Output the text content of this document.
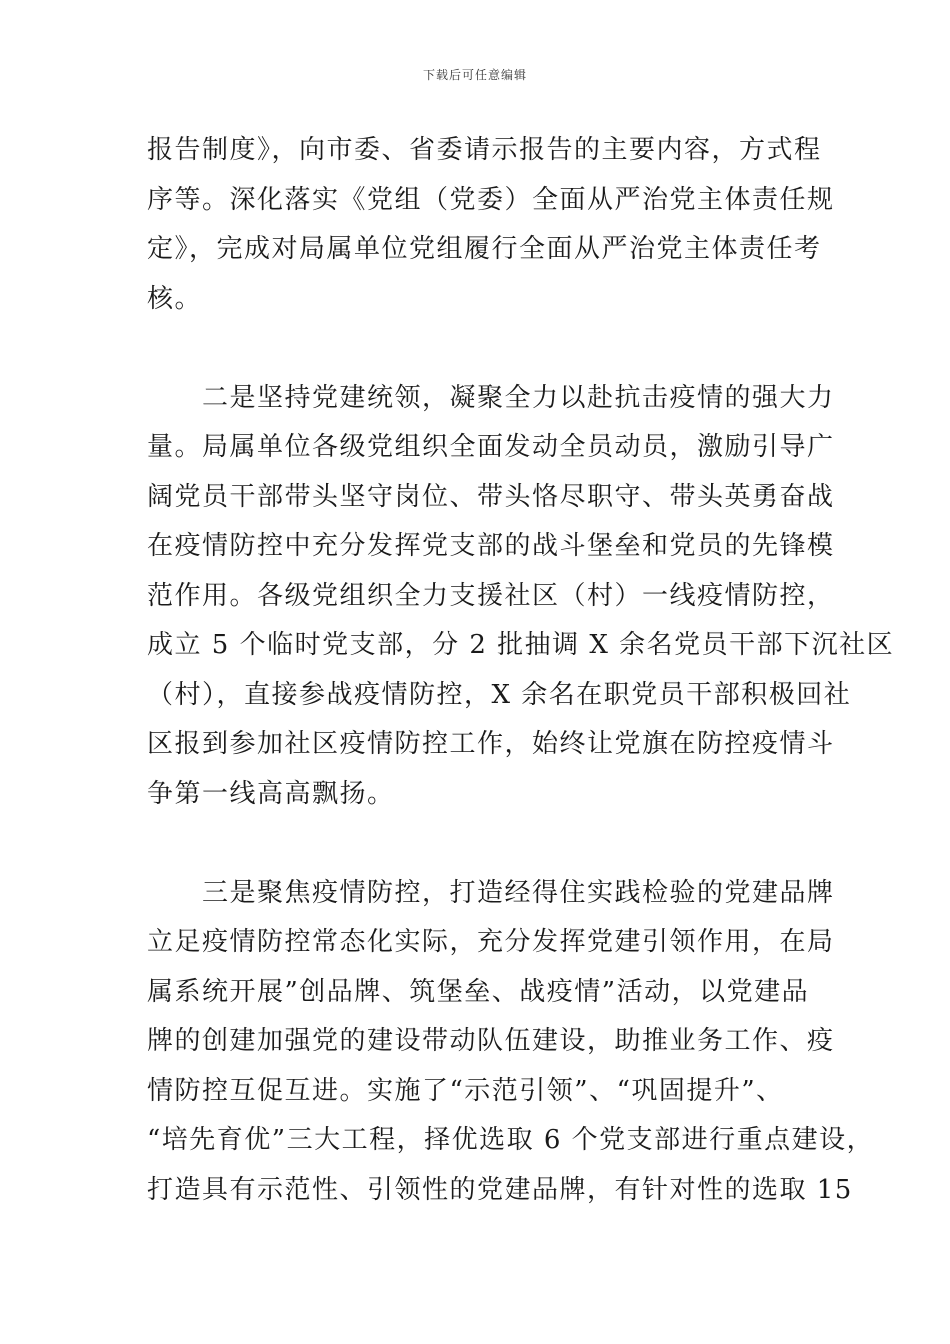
下载后可任意编辑
报告制度》，向市委、省委请示报告的主要内容，方式程
序等。深化落实《党组（党委）全面从严治党主体责任规
定》，完成对局属单位党组履行全面从严治党主体责任考
核。
　　二是坚持党建统领，凝聚全力以赴抗击疫情的强大力
量。局属单位各级党组织全面发动全员动员，激励引导广
阔党员干部带头坚守岗位、带头恪尽职守、带头英勇奋战
在疫情防控中充分发挥党支部的战斗堡垒和党员的先锋模
范作用。各级党组织全力支援社区（村）一线疫情防控，
成立 5 个临时党支部，分 2 批抽调 X 余名党员干部下沉社区
（村），直接参战疫情防控，X 余名在职党员干部积极回社
区报到参加社区疫情防控工作，始终让党旗在防控疫情斗
争第一线高高飘扬。
　　三是聚焦疫情防控，打造经得住实践检验的党建品牌
立足疫情防控常态化实际，充分发挥党建引领作用，在局
属系统开展”创品牌、筑堡垒、战疫情”活动，以党建品
牌的创建加强党的建设带动队伍建设，助推业务工作、疫
情防控互促互进。实施了“示范引领”、“巩固提升”、
“培先育优”三大工程，择优选取 6 个党支部进行重点建设，
打造具有示范性、引领性的党建品牌，有针对性的选取 15
